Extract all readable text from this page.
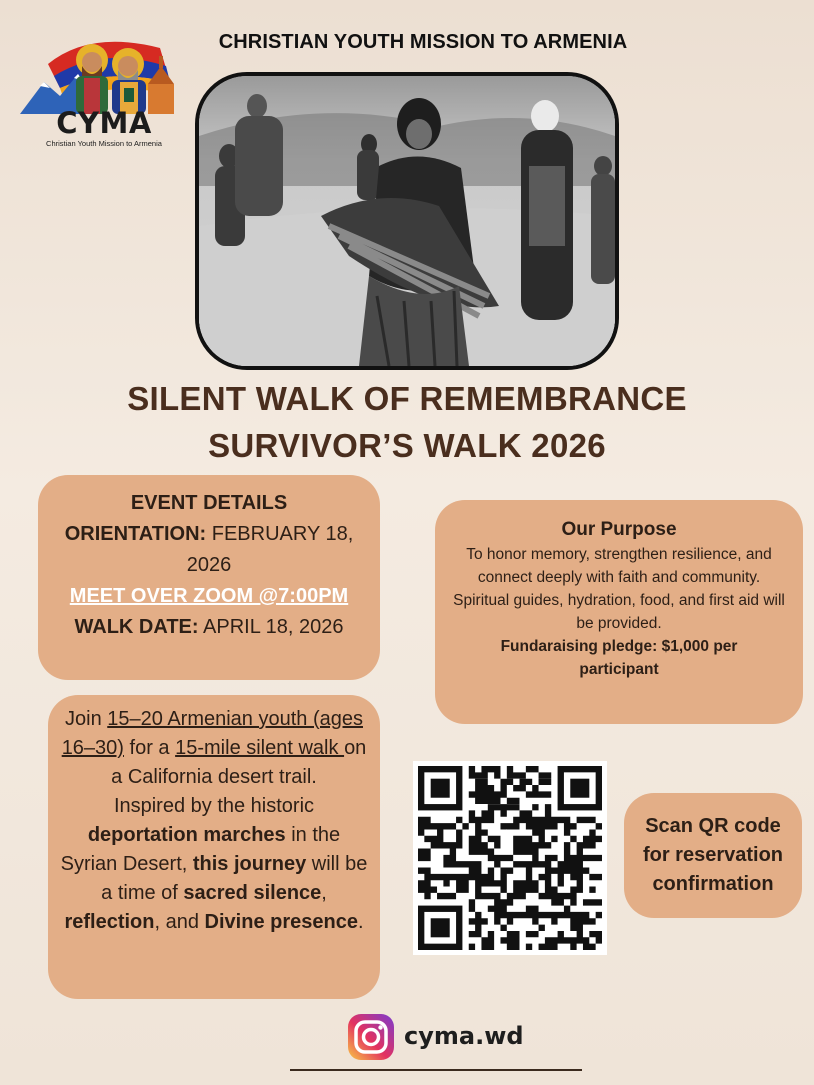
CYMA
Christian Youth Mission to Armenia
CHRISTIAN YOUTH MISSION TO ARMENIA
SILENT WALK OF REMEMBRANCE
SURVIVOR’S WALK 2026
EVENT DETAILS
ORIENTATION: FEBRUARY 18,
2026
MEET OVER ZOOM @7:00PM
WALK DATE: APRIL 18, 2026
Our Purpose
To honor memory, strengthen resilience, and connect deeply with faith and community.
Spiritual guides, hydration, food, and first aid will be provided.
Fundaraising pledge: $1,000 per participant
Join 15–20 Armenian youth (ages 16–30) for a 15-mile silent walk on a California desert trail.
Inspired by the historic deportation marches in the Syrian Desert, this journey will be a time of sacred silence, reflection, and Divine presence.
Scan QR code for reservation confirmation
cyma.wd
